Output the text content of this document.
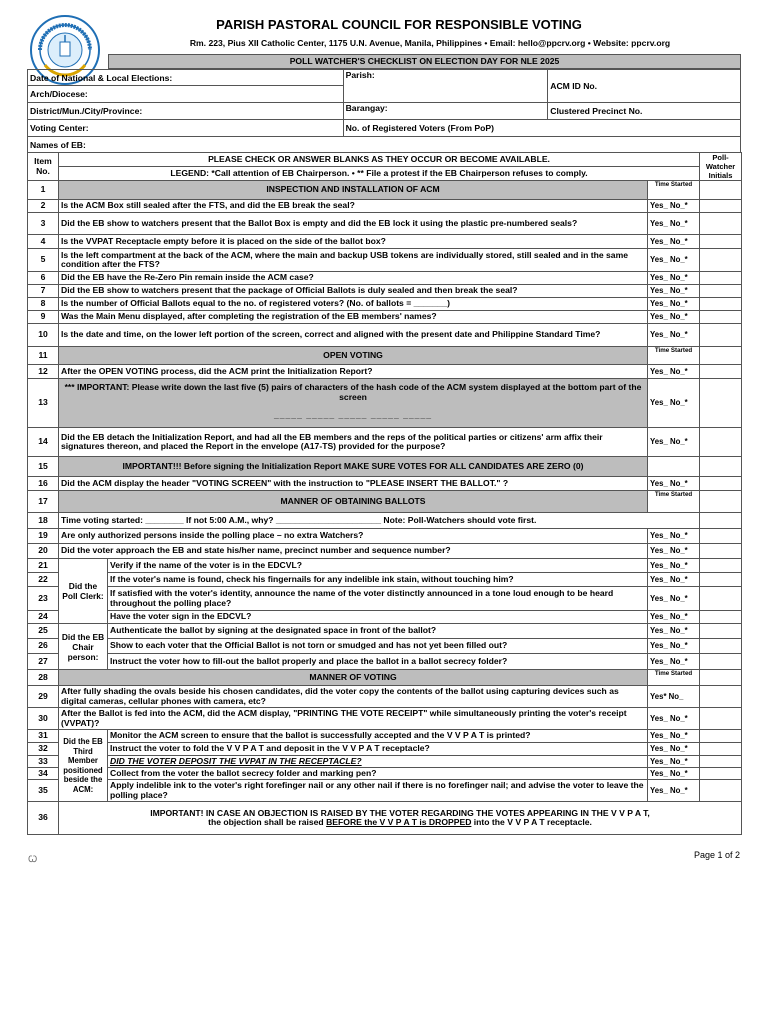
PARISH PASTORAL COUNCIL FOR RESPONSIBLE VOTING
Rm. 223, Pius XII Catholic Center, 1175 U.N. Avenue, Manila, Philippines • Email: hello@ppcrv.org • Website: ppcrv.org
POLL WATCHER'S CHECKLIST ON ELECTION DAY FOR NLE 2025
Date of National & Local Elections:	Parish:	ACM ID No.
Arch/Diocese:		
District/Mun./City/Province:	Barangay:	Clustered Precinct No.
Voting Center:	No. of Registered Voters (From PoP)	
Names of EB:		
Item No.	PLEASE CHECK OR ANSWER BLANKS AS THEY OCCUR OR BECOME AVAILABLE.			Poll-Watcher Initials
	LEGEND: *Call attention of EB Chairperson. • ** File a protest if the EB Chairperson refuses to comply.			
1	INSPECTION AND INSTALLATION OF ACM		Time Started	
2	Is the ACM Box still sealed after the FTS, and did the EB break the seal?		Yes_ No_*	
3	Did the EB show to watchers present that the Ballot Box is empty and did the EB lock it using the plastic pre-numbered seals?		Yes_ No_*	
4	Is the VVPAT Receptacle empty before it is placed on the side of the ballot box?		Yes_ No_*	
5	Is the left compartment at the back of the ACM, where the main and backup USB tokens are individually stored, still sealed and in the same condition after the FTS?		Yes_ No_*	
6	Did the EB have the Re-Zero Pin remain inside the ACM case?		Yes_ No_*	
7	Did the EB show to watchers present that the package of Official Ballots is duly sealed and then break the seal?		Yes_ No_*	
8	Is the number of Official Ballots equal to the no. of registered voters? (No. of ballots = _______)		Yes_ No_*	
9	Was the Main Menu displayed, after completing the registration of the EB members' names?		Yes_ No_*	
10	Is the date and time, on the lower left portion of the screen, correct and aligned with the present date and Philippine Standard Time?		Yes_ No_*	
11	OPEN VOTING		Time Started	
12	After the OPEN VOTING process, did the ACM print the Initialization Report?		Yes_ No_*	
13	*** IMPORTANT: Please write down the last five (5) pairs of characters of the hash code of the ACM system displayed at the bottom part of the screen
_____ _____ _____ _____ _____		Yes_ No_*	
14	Did the EB detach the Initialization Report, and had all the EB members and the reps of the political parties or citizens' arm affix their signatures thereon, and placed the Report in the envelope (A17-TS) provided for the purpose?		Yes_ No_*	
15	IMPORTANT!!! Before signing the Initialization Report MAKE SURE VOTES FOR ALL CANDIDATES ARE ZERO (0)			
16	Did the ACM display the header "VOTING SCREEN" with the instruction to "PLEASE INSERT THE BALLOT." ?		Yes_ No_*	
17	MANNER OF OBTAINING BALLOTS		Time Started	
18	Time voting started: ________ If not 5:00 A.M., why? ______________________ Note: Poll-Watchers should vote first.			
19	Are only authorized persons inside the polling place – no extra Watchers?		Yes_ No_*	
20	Did the voter approach the EB and state his/her name, precinct number and sequence number?		Yes_ No_*	
21	Did the Poll Clerk:	Verify if the name of the voter is in the EDCVL?	Yes_ No_*	
22		If the voter's name is found, check his fingernails for any indelible ink stain, without touching him?	Yes_ No_*	
23		If satisfied with the voter's identity, announce the name of the voter distinctly announced in a tone loud enough to be heard throughout the polling place?	Yes_ No_*	
24		Have the voter sign in the EDCVL?	Yes_ No_*	
25	Did the EB Chair person:	Authenticate the ballot by signing at the designated space in front of the ballot?	Yes_ No_*	
26		Show to each voter that the Official Ballot is not torn or smudged and has not yet been filled out?	Yes_ No_*	
27		Instruct the voter how to fill-out the ballot properly and place the ballot in a ballot secrecy folder?	Yes_ No_*	
28	MANNER OF VOTING		Time Started	
29	After fully shading the ovals beside his chosen candidates, did the voter copy the contents of the ballot using capturing devices such as digital cameras, cellular phones with camera, etc?		Yes* No_	
30	After the Ballot is fed into the ACM, did the ACM display, "PRINTING THE VOTE RECEIPT" while simultaneously printing the voter's receipt (VVPAT)?		Yes_ No_*	
31	Did the EB Third Member positioned beside the ACM:	Monitor the ACM screen to ensure that the ballot is successfully accepted and the V V P A T is printed?	Yes_ No_*	
32		Instruct the voter to fold the V V P A T and deposit in the V V P A T receptacle?	Yes_ No_*	
33		DID THE VOTER DEPOSIT THE VVPAT IN THE RECEPTACLE?	Yes_ No_*	
34		Collect from the voter the ballot secrecy folder and marking pen?	Yes_ No_*	
35		Apply indelible ink to the voter's right forefinger nail or any other nail if there is no forefinger nail; and advise the voter to leave the polling place?	Yes_ No_*	
36	IMPORTANT! IN CASE AN OBJECTION IS RAISED BY THE VOTER REGARDING THE VOTES APPEARING IN THE V V P A T,
the objection shall be raised BEFORE the V V P A T is DROPPED into the V V P A T receptacle.			
Ꞷ	Page 1 of 2
